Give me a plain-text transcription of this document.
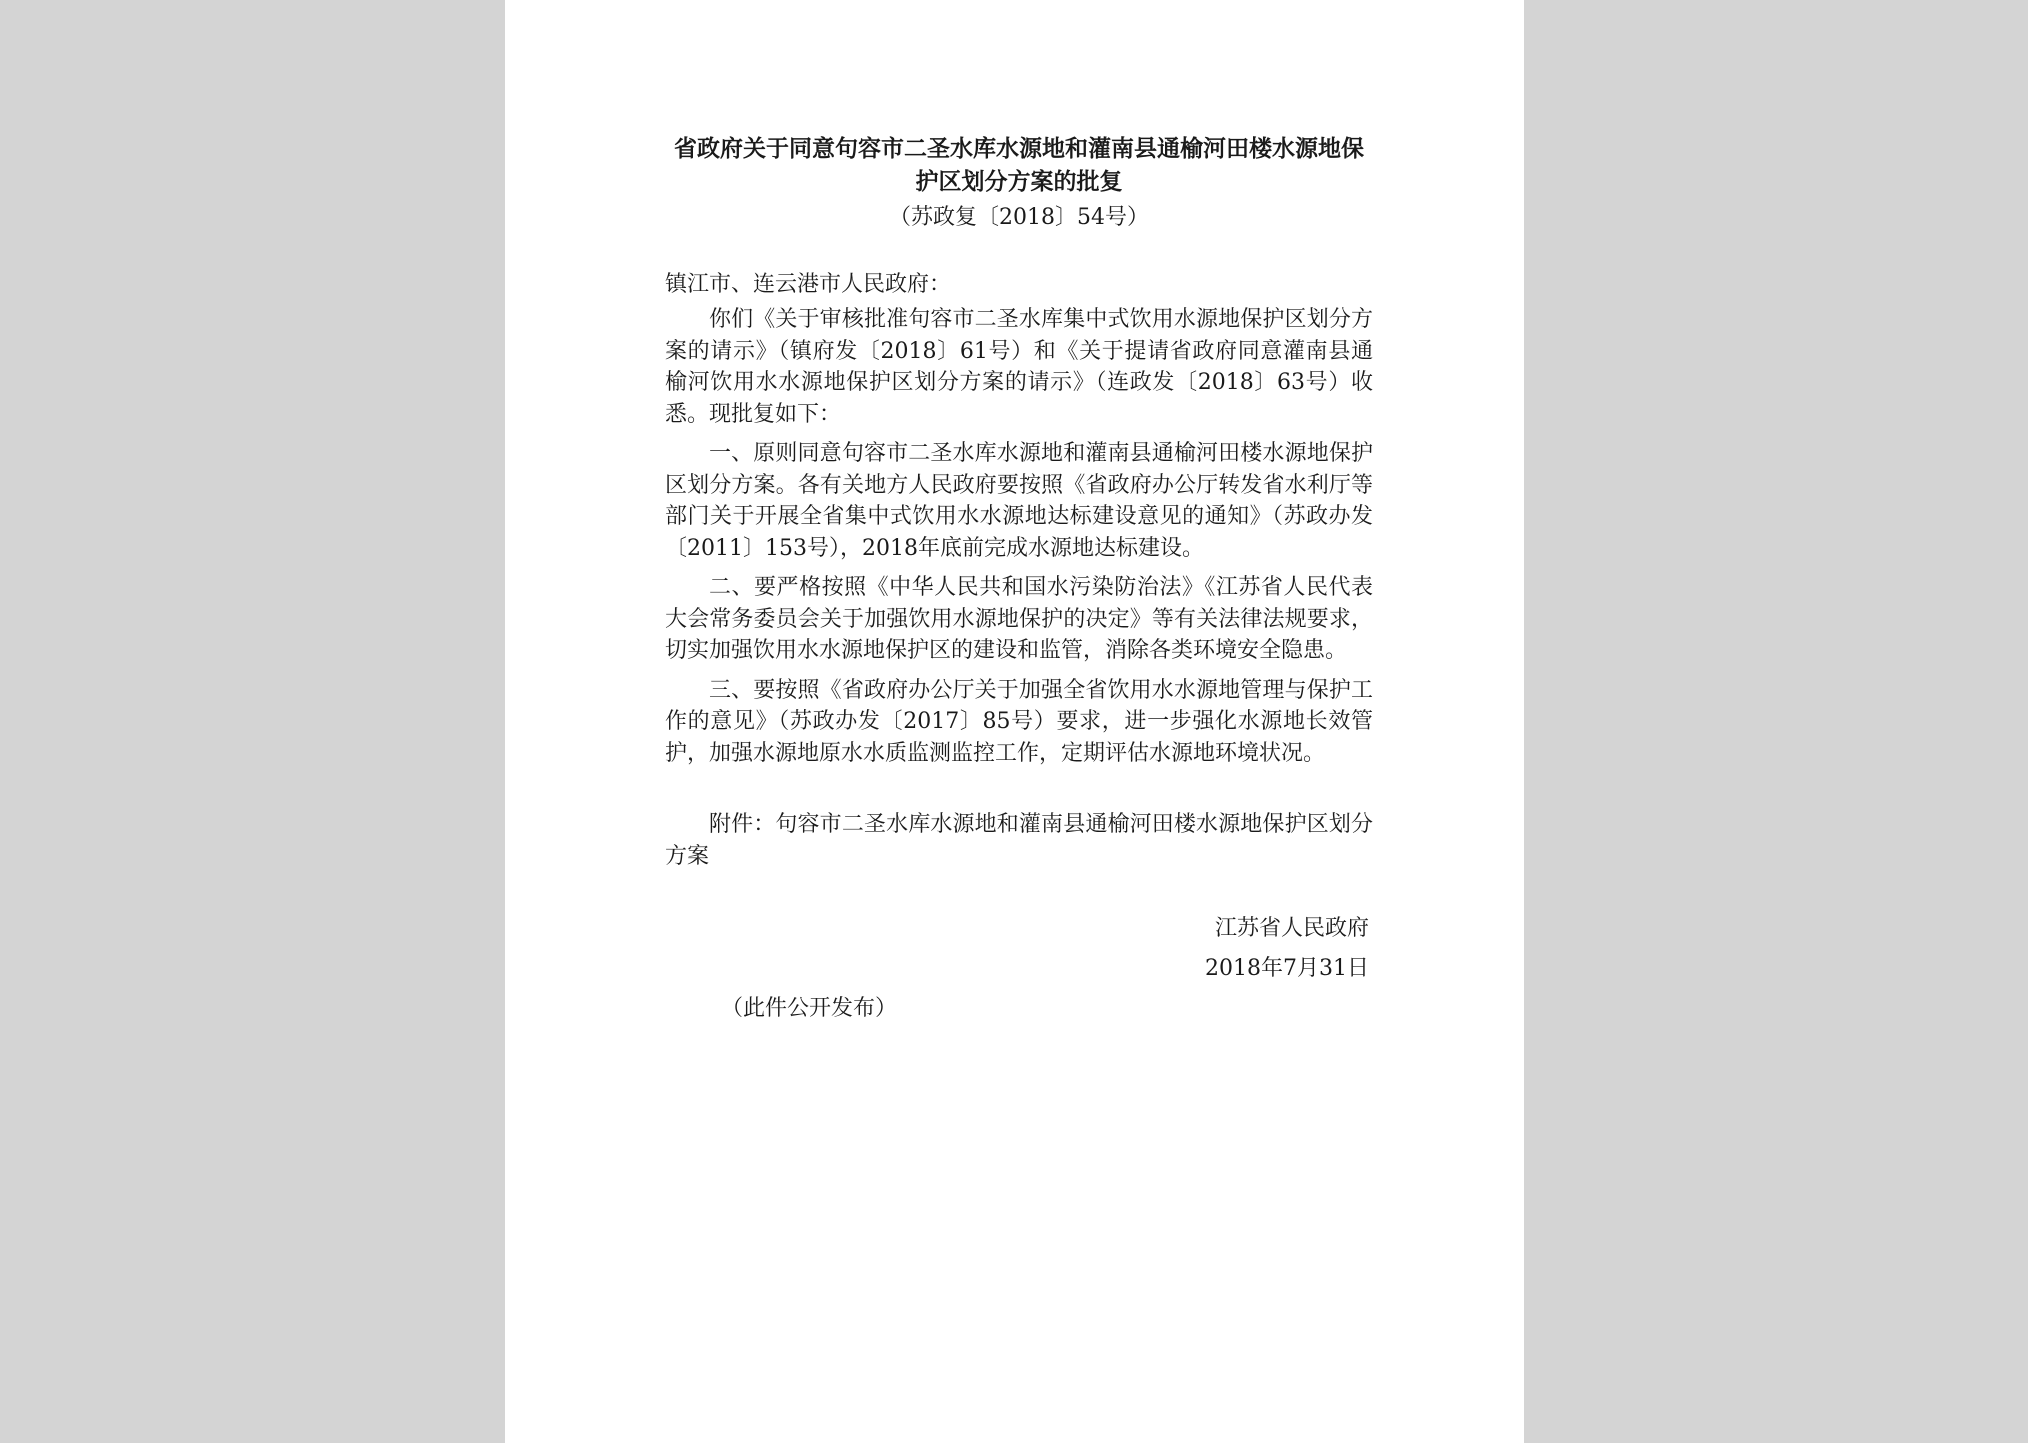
省政府关于同意句容市二圣水库水源地和灌南县通榆河田楼水源地保护区划分方案的批复
（苏政复〔2018〕54号）
镇江市、连云港市人民政府：

你们《关于审核批准句容市二圣水库集中式饮用水源地保护区划分方案的请示》（镇府发〔2018〕61号）和《关于提请省政府同意灌南县通榆河饮用水水源地保护区划分方案的请示》（连政发〔2018〕63号）收悉。现批复如下：

一、原则同意句容市二圣水库水源地和灌南县通榆河田楼水源地保护区划分方案。各有关地方人民政府要按照《省政府办公厅转发省水利厅等部门关于开展全省集中式饮用水水源地达标建设意见的通知》（苏政办发〔2011〕153号），2018年底前完成水源地达标建设。

二、要严格按照《中华人民共和国水污染防治法》《江苏省人民代表大会常务委员会关于加强饮用水源地保护的决定》等有关法律法规要求，切实加强饮用水水源地保护区的建设和监管，消除各类环境安全隐患。

三、要按照《省政府办公厅关于加强全省饮用水水源地管理与保护工作的意见》（苏政办发〔2017〕85号）要求，进一步强化水源地长效管护，加强水源地原水水质监测监控工作，定期评估水源地环境状况。

附件：句容市二圣水库水源地和灌南县通榆河田楼水源地保护区划分方案

江苏省人民政府
2018年7月31日
（此件公开发布）
